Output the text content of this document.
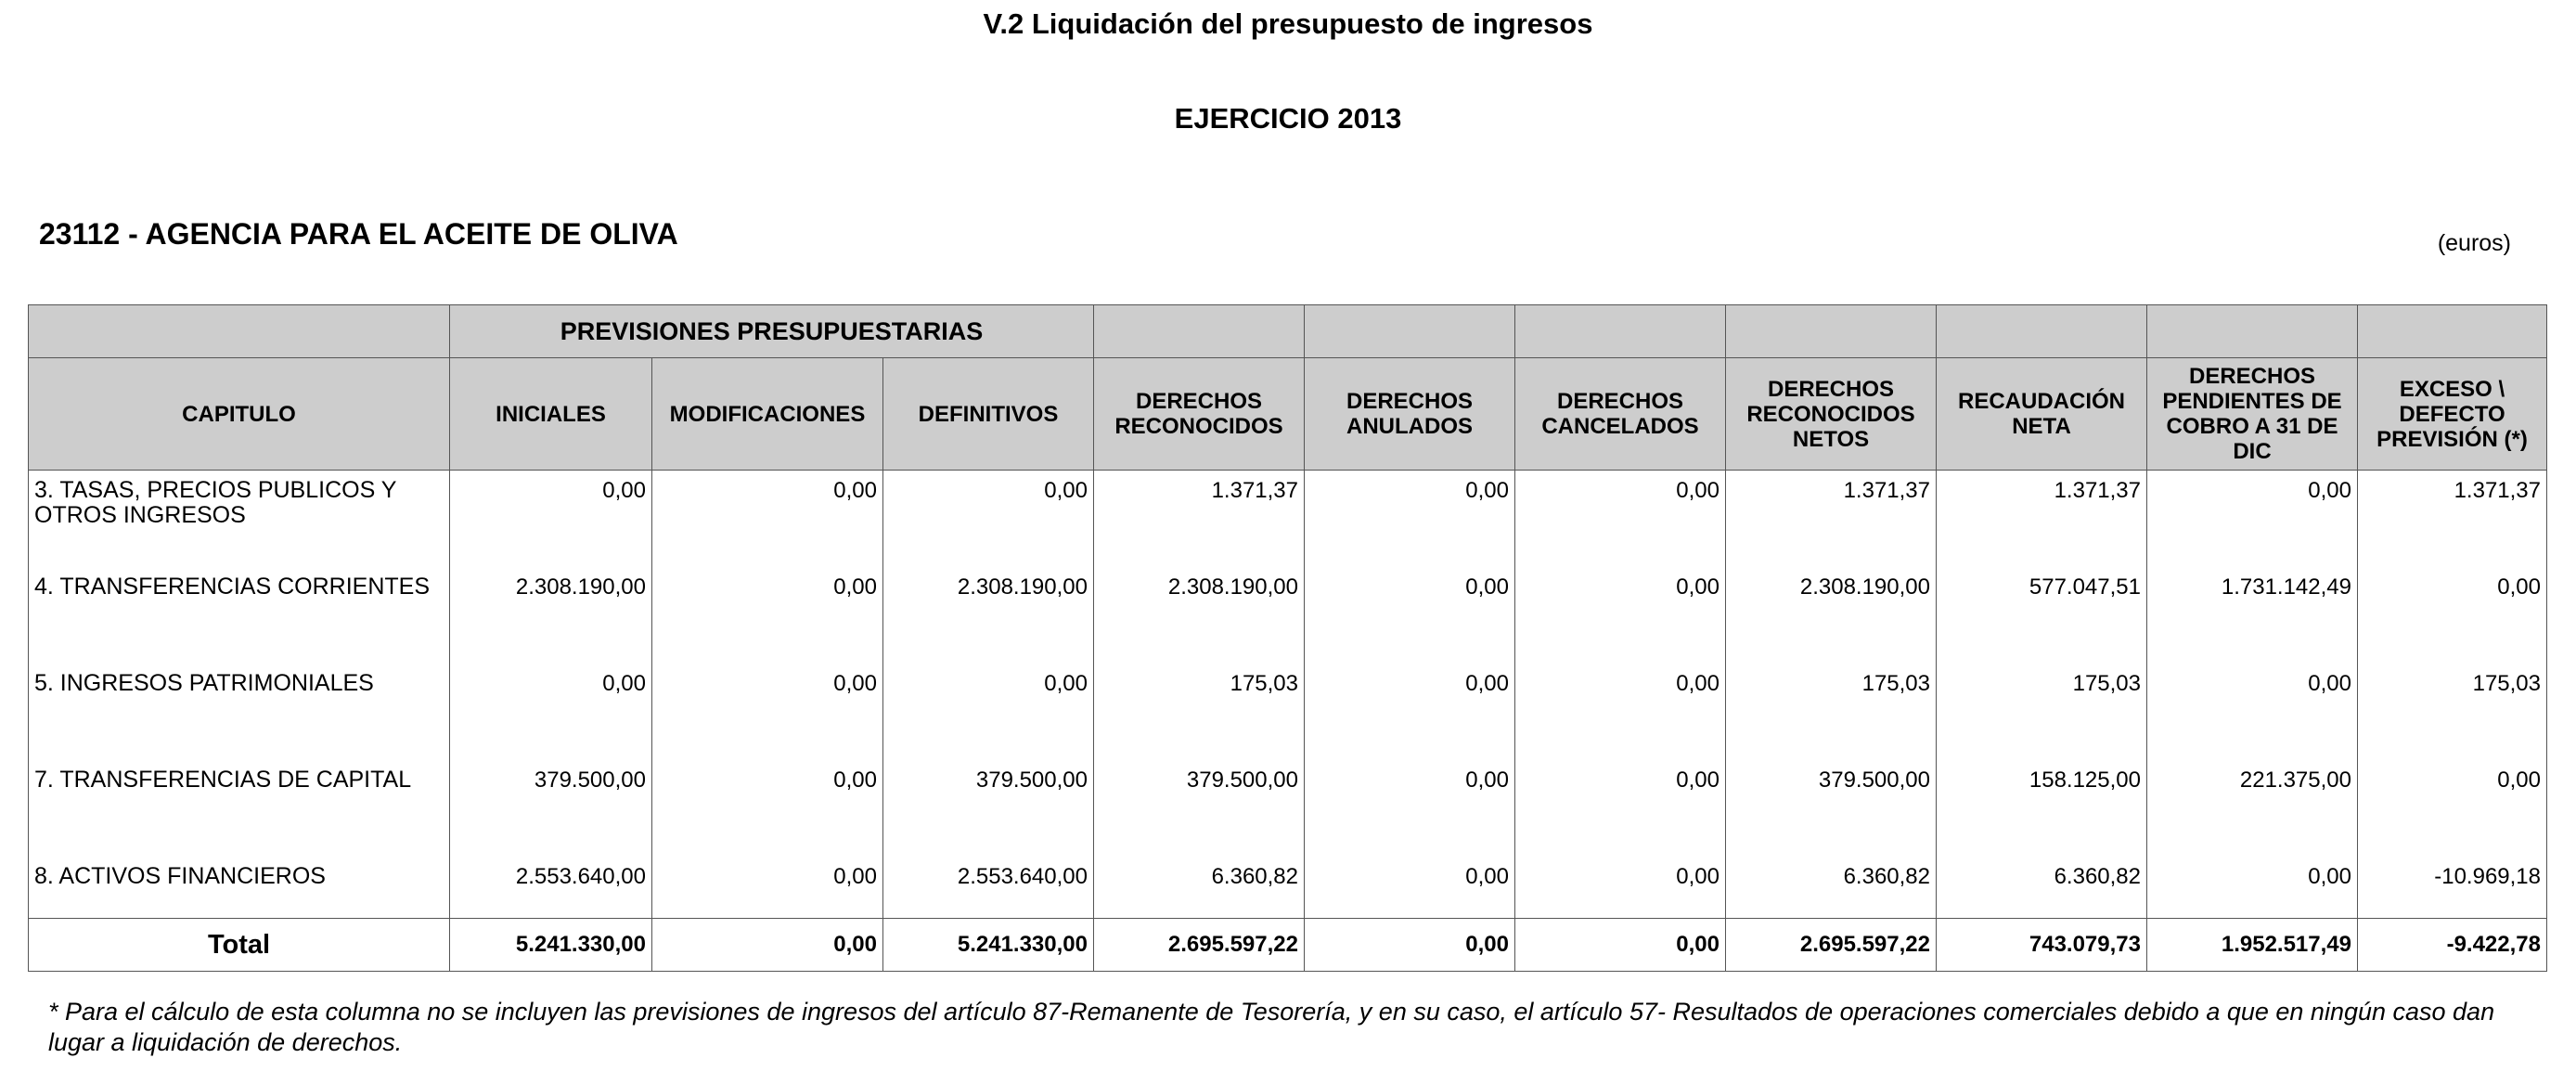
V.2 Liquidación del presupuesto de ingresos
EJERCICIO 2013
23112 - AGENCIA PARA EL ACEITE DE OLIVA	(euros)
	PREVISIONES PRESUPUESTARIAS									
CAPITULO	INICIALES	MODIFICACIONES	DEFINITIVOS	DERECHOS RECONOCIDOS	DERECHOS ANULADOS	DERECHOS CANCELADOS	DERECHOS RECONOCIDOS NETOS	RECAUDACIÓN NETA	DERECHOS PENDIENTES DE COBRO A 31 DE DIC	EXCESO \ DEFECTO PREVISIÓN (*)
3. TASAS, PRECIOS PUBLICOS Y OTROS INGRESOS	0,00	0,00	0,00	1.371,37	0,00	0,00	1.371,37	1.371,37	0,00	1.371,37
4. TRANSFERENCIAS CORRIENTES	2.308.190,00	0,00	2.308.190,00	2.308.190,00	0,00	0,00	2.308.190,00	577.047,51	1.731.142,49	0,00
5. INGRESOS PATRIMONIALES	0,00	0,00	0,00	175,03	0,00	0,00	175,03	175,03	0,00	175,03
7. TRANSFERENCIAS DE CAPITAL	379.500,00	0,00	379.500,00	379.500,00	0,00	0,00	379.500,00	158.125,00	221.375,00	0,00
8. ACTIVOS FINANCIEROS	2.553.640,00	0,00	2.553.640,00	6.360,82	0,00	0,00	6.360,82	6.360,82	0,00	-10.969,18
Total	5.241.330,00	0,00	5.241.330,00	2.695.597,22	0,00	0,00	2.695.597,22	743.079,73	1.952.517,49	-9.422,78
* Para el cálculo de esta columna no se incluyen las previsiones de ingresos del artículo 87-Remanente de Tesorería, y en su caso, el artículo 57- Resultados de operaciones comerciales debido a que en ningún caso dan lugar a liquidación de derechos.
